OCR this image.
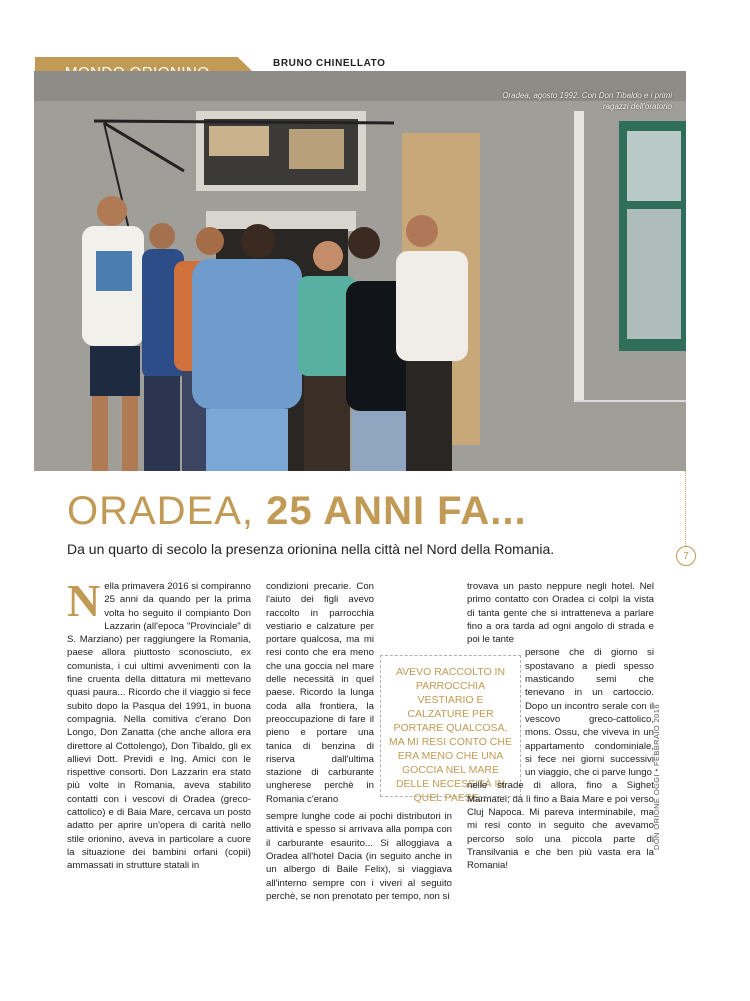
BRUNO CHINELLATO
Oradea, agosto 1992. Con Don Tibaldo e i primi ragazzi dell'oratorio
ORADEA, 25 ANNI FA...
Da un quarto di secolo la presenza orionina nella città nel Nord della Romania.	7

Nella primavera 2016 si compiranno 25 anni da quando per la prima volta ho seguito il compianto Don Lazzarin (all'epoca "Provinciale" di S. Marziano) per raggiungere la Romania, paese allora piuttosto sconosciuto, ex comunista, i cui ultimi avvenimenti con la fine cruenta della dittatura mi mettevano quasi paura... Ricordo che il viaggio si fece subito dopo la Pasqua del 1991, in buona compagnia. Nella comitiva c'erano Don Longo, Don Zanatta (che anche allora era direttore al Cottolengo), Don Tibaldo, gli ex allievi Dott. Previdi e Ing. Amici con le rispettive consorti. Don Lazzarin era stato più volte in Romania, aveva stabilito contatti con i vescovi di Oradea (greco-cattolico) e di Baia Mare, cercava un posto adatto per aprire un'opera di carità nello stile orionino, aveva in particolare a cuore la situazione dei bambini orfani (copii) ammassati in strutture statali in

condizioni precarie. Con l'aiuto dei figli avevo raccolto in parrocchia vestiario e calzature per portare qualcosa, ma mi resi conto che era meno che una goccia nel mare delle necessità in quel paese. Ricordo la lunga coda alla frontiera, la preoccupazione di fare il pieno e portare una tanica di benzina di riserva dall'ultima stazione di carburante ungherese perchè in Romania c'erano

sempre lunghe code ai pochi distributori in attività e spesso si arrivava alla pompa con il carburante esaurito... Si alloggiava a Oradea all'hotel Dacia (in seguito anche in un albergo di Baile Felix), si viaggiava all'interno sempre con i viveri al seguito perchè, se non prenotato per tempo, non si

AVEVO RACCOLTO IN PARROCCHIA VESTIARIO E CALZATURE PER PORTARE QUALCOSA, MA MI RESI CONTO CHE ERA MENO CHE UNA GOCCIA NEL MARE DELLE NECESSITÀ IN QUEL PAESE...

trovava un pasto neppure negli hotel. Nel primo contatto con Oradea ci colpì la vista di tanta gente che si intratteneva a parlare fino a ora tarda ad ogni angolo di strada e poi le tante

persone che di giorno si spostavano a piedi spesso masticando semi che tenevano in un cartoccio. Dopo un incontro serale con il vescovo greco-cattolico, mons. Ossu, che viveva in un appartamento condominiale, si fece nei giorni successivi un viaggio, che ci parve lungo

nelle strade di allora, fino a Sighet Marmatei; da lì fino a Baia Mare e poi verso Cluj Napoca. Mi pareva interminabile, ma mi resi conto in seguito che avevamo percorso solo una piccola parte di Transilvania e che ben più vasta era la Romania!

DON ORIONE OGGI • FEBBRAIO 2016
